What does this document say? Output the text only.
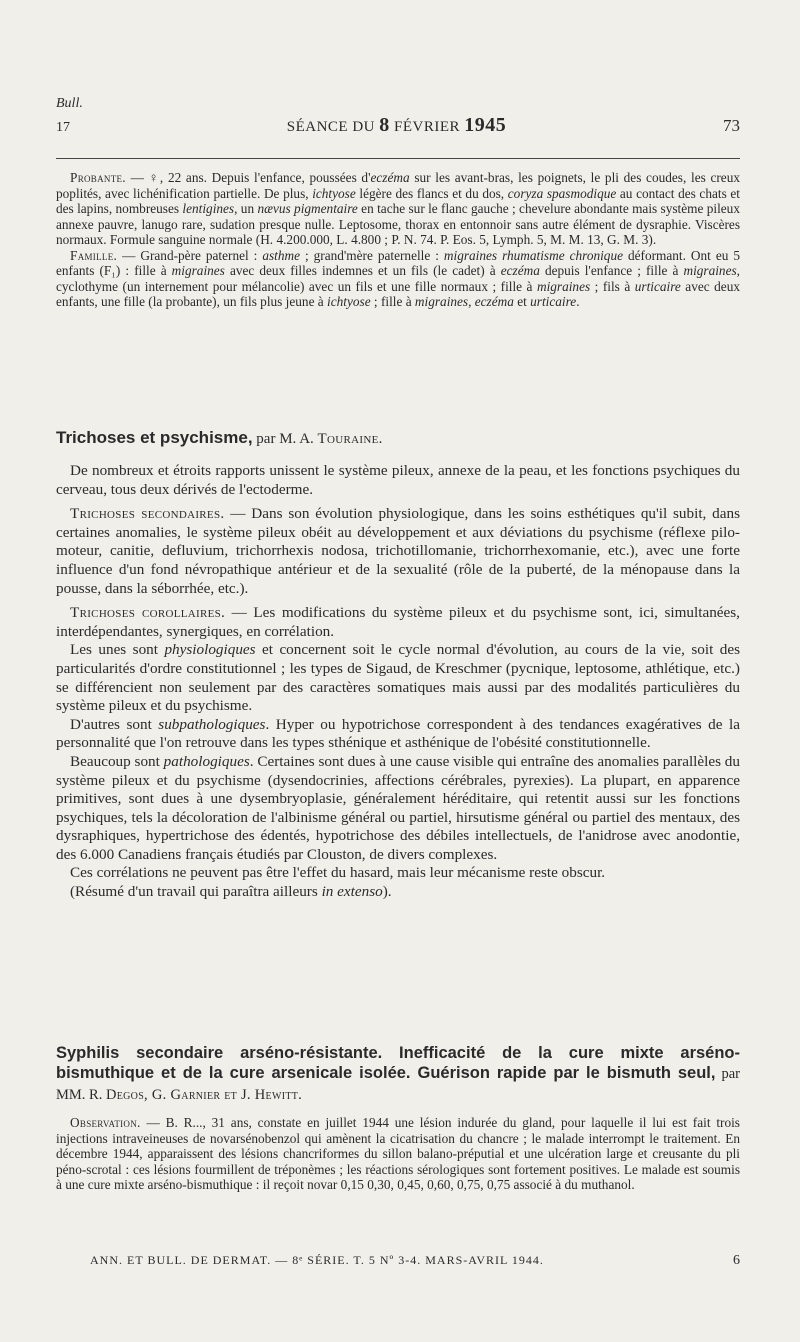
Bull.
17	SÉANCE DU 8 FÉVRIER 1945	73

Probante. — ♀, 22 ans. Depuis l'enfance, poussées d'eczéma sur les avant-bras, les poignets, le pli des coudes, les creux poplités, avec lichénification partielle. De plus, ichtyose légère des flancs et du dos, coryza spasmodique au contact des chats et des lapins, nombreuses lentigines, un nævus pigmentaire en tache sur le flanc gauche ; chevelure abondante mais système pileux annexe pauvre, lanugo rare, sudation presque nulle. Leptosome, thorax en entonnoir sans autre élément de dysraphie. Viscères normaux. Formule sanguine normale (H. 4.200.000, L. 4.800 ; P. N. 74. P. Eos. 5, Lymph. 5, M. M. 13, G. M. 3).

Famille. — Grand-père paternel : asthme ; grand'mère paternelle : migraines rhumatisme chronique déformant. Ont eu 5 enfants (F₁) : fille à migraines avec deux filles indemnes et un fils (le cadet) à eczéma depuis l'enfance ; fille à migraines, cyclothyme (un internement pour mélancolie) avec un fils et une fille normaux ; fille à migraines ; fils à urticaire avec deux enfants, une fille (la probante), un fils plus jeune à ichtyose ; fille à migraines, eczéma et urticaire.

Trichoses et psychisme, par M. A. Touraine.

De nombreux et étroits rapports unissent le système pileux, annexe de la peau, et les fonctions psychiques du cerveau, tous deux dérivés de l'ectoderme.

Trichoses secondaires. — Dans son évolution physiologique, dans les soins esthétiques qu'il subit, dans certaines anomalies, le système pileux obéit au développement et aux déviations du psychisme (réflexe pilo-moteur, canitie, defluvium, trichorrhexis nodosa, trichotillomanie, trichorrhexomanie, etc.), avec une forte influence d'un fond névropathique antérieur et de la sexualité (rôle de la puberté, de la ménopause dans la pousse, dans la séborrhée, etc.).

Trichoses corollaires. — Les modifications du système pileux et du psychisme sont, ici, simultanées, interdépendantes, synergiques, en corrélation.

Les unes sont physiologiques et concernent soit le cycle normal d'évolution, au cours de la vie, soit des particularités d'ordre constitutionnel ; les types de Sigaud, de Kreschmer (pycnique, leptosome, athlétique, etc.) se différencient non seulement par des caractères somatiques mais aussi par des modalités particulières du système pileux et du psychisme.

D'autres sont subpathologiques. Hyper ou hypotrichose correspondent à des tendances exagératives de la personnalité que l'on retrouve dans les types sthénique et asthénique de l'obésité constitutionnelle.

Beaucoup sont pathologiques. Certaines sont dues à une cause visible qui entraîne des anomalies parallèles du système pileux et du psychisme (dysendocrinies, affections cérébrales, pyrexies). La plupart, en apparence primitives, sont dues à une dysembryoplasie, généralement héréditaire, qui retentit aussi sur les fonctions psychiques, tels la décoloration de l'albinisme général ou partiel, hirsutisme général ou partiel des mentaux, des dysraphiques, hypertrichose des édentés, hypotrichose des débiles intellectuels, de l'anidrose avec anodontie, des 6.000 Canadiens français étudiés par Clouston, de divers complexes.

Ces corrélations ne peuvent pas être l'effet du hasard, mais leur mécanisme reste obscur.

(Résumé d'un travail qui paraîtra ailleurs in extenso).

Syphilis secondaire arséno-résistante. Inefficacité de la cure mixte arséno-bismuthique et de la cure arsenicale isolée. Guérison rapide par le bismuth seul, par MM. R. Degos, G. Garnier et J. Hewitt.

Observation. — B. R..., 31 ans, constate en juillet 1944 une lésion indurée du gland, pour laquelle il lui est fait trois injections intraveineuses de novarsénobenzol qui amènent la cicatrisation du chancre ; le malade interrompt le traitement. En décembre 1944, apparaissent des lésions chancriformes du sillon balano-préputial et une ulcération large et creusante du pli péno-scrotal : ces lésions fourmillent de tréponèmes ; les réactions sérologiques sont fortement positives. Le malade est soumis à une cure mixte arséno-bismuthique : il reçoit novar 0,15 0,30, 0,45, 0,60, 0,75, 0,75 associé à du muthanol.

ANN. ET BULL. DE DERMAT. — 8ᵉ SÉRIE. T. 5 Nº 3-4. MARS-AVRIL 1944.	6
